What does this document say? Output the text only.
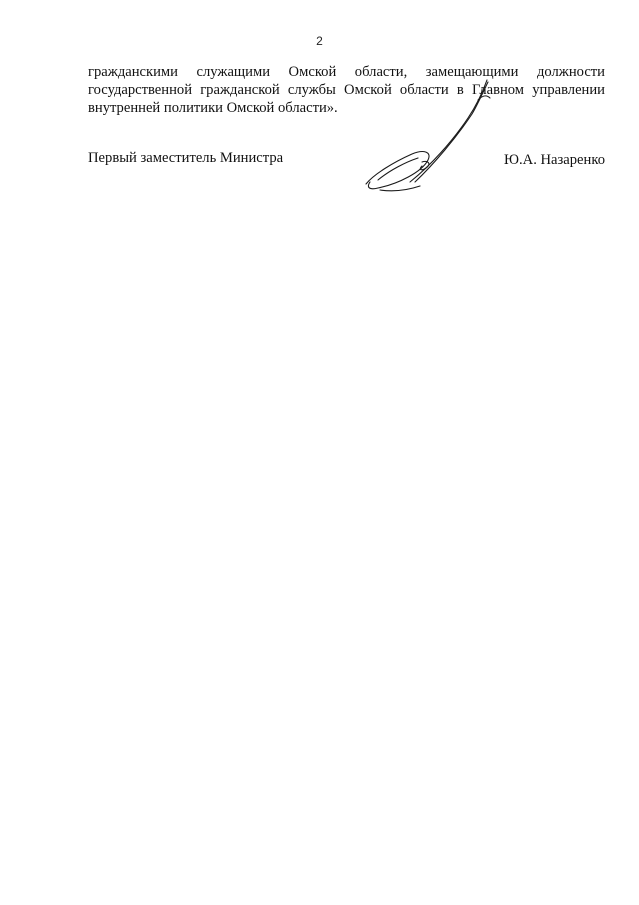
2
гражданскими служащими Омской области, замещающими должности
государственной гражданской службы Омской области в Главном управлении
внутренней политики Омской области».
Первый заместитель Министра	Ю.А. Назаренко
